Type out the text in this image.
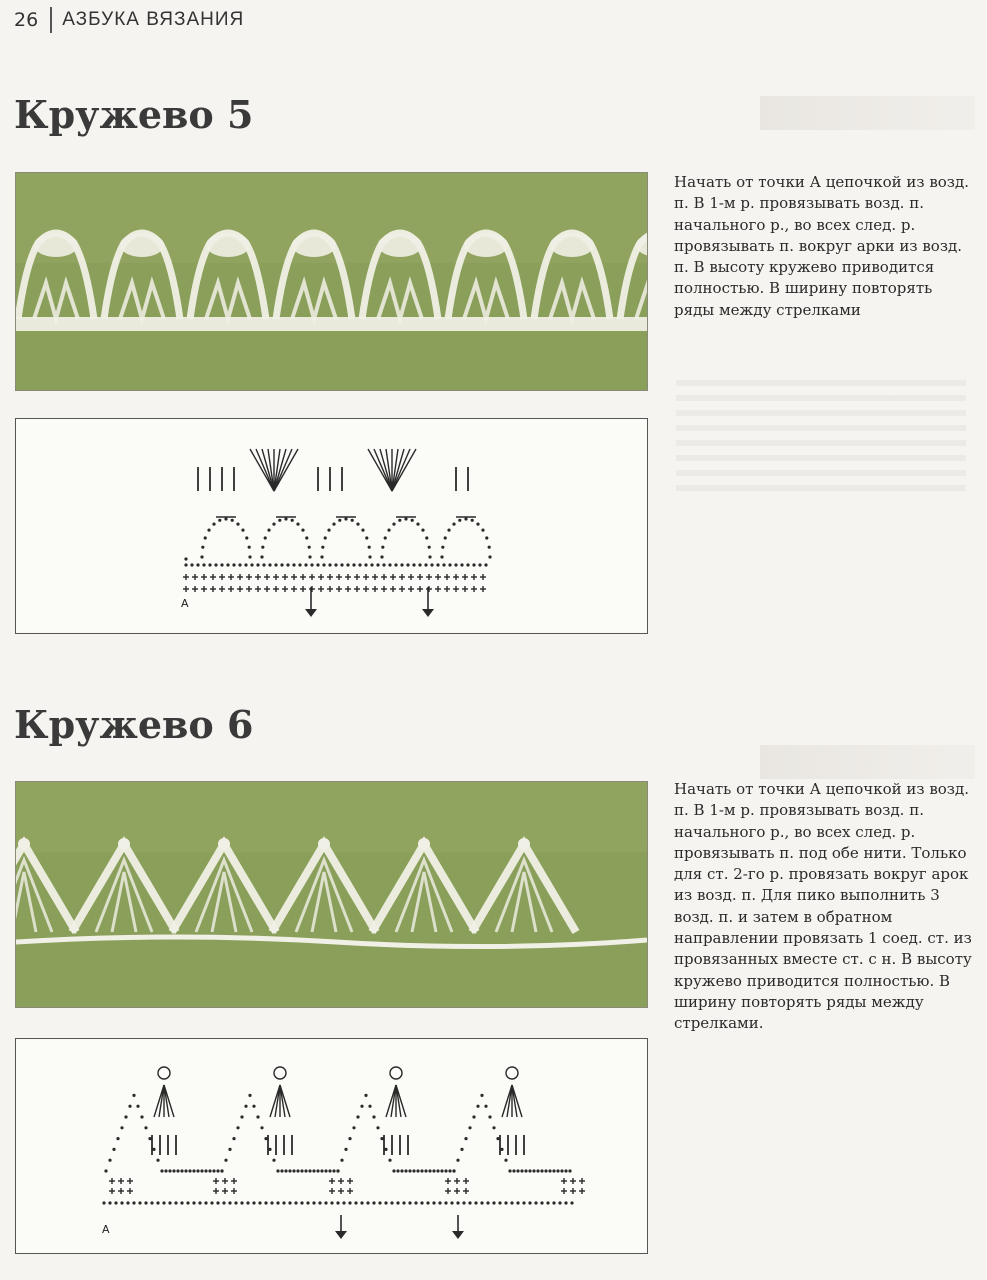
26 АЗБУКА ВЯЗАНИЯ
Кружево 5
A

Начать от точки А цепочкой из возд. п. В 1-м р. провязывать возд. п. начального р., во всех след. р. провязывать п. вокруг арки из возд. п. В высоту кружево приводится полностью. В ширину повторять ряды между стрелками

Кружево 6
A

Начать от точки А цепочкой из возд. п. В 1-м р. провязывать возд. п. начального р., во всех след. р. провязывать п. под обе нити. Только для ст. 2-го р. провязать вокруг арок из возд. п. Для пико выполнить 3 возд. п. и затем в обратном направлении провязать 1 соед. ст. из провязанных вместе ст. с н. В высоту кружево приводится полностью. В ширину повторять ряды между стрелками.
